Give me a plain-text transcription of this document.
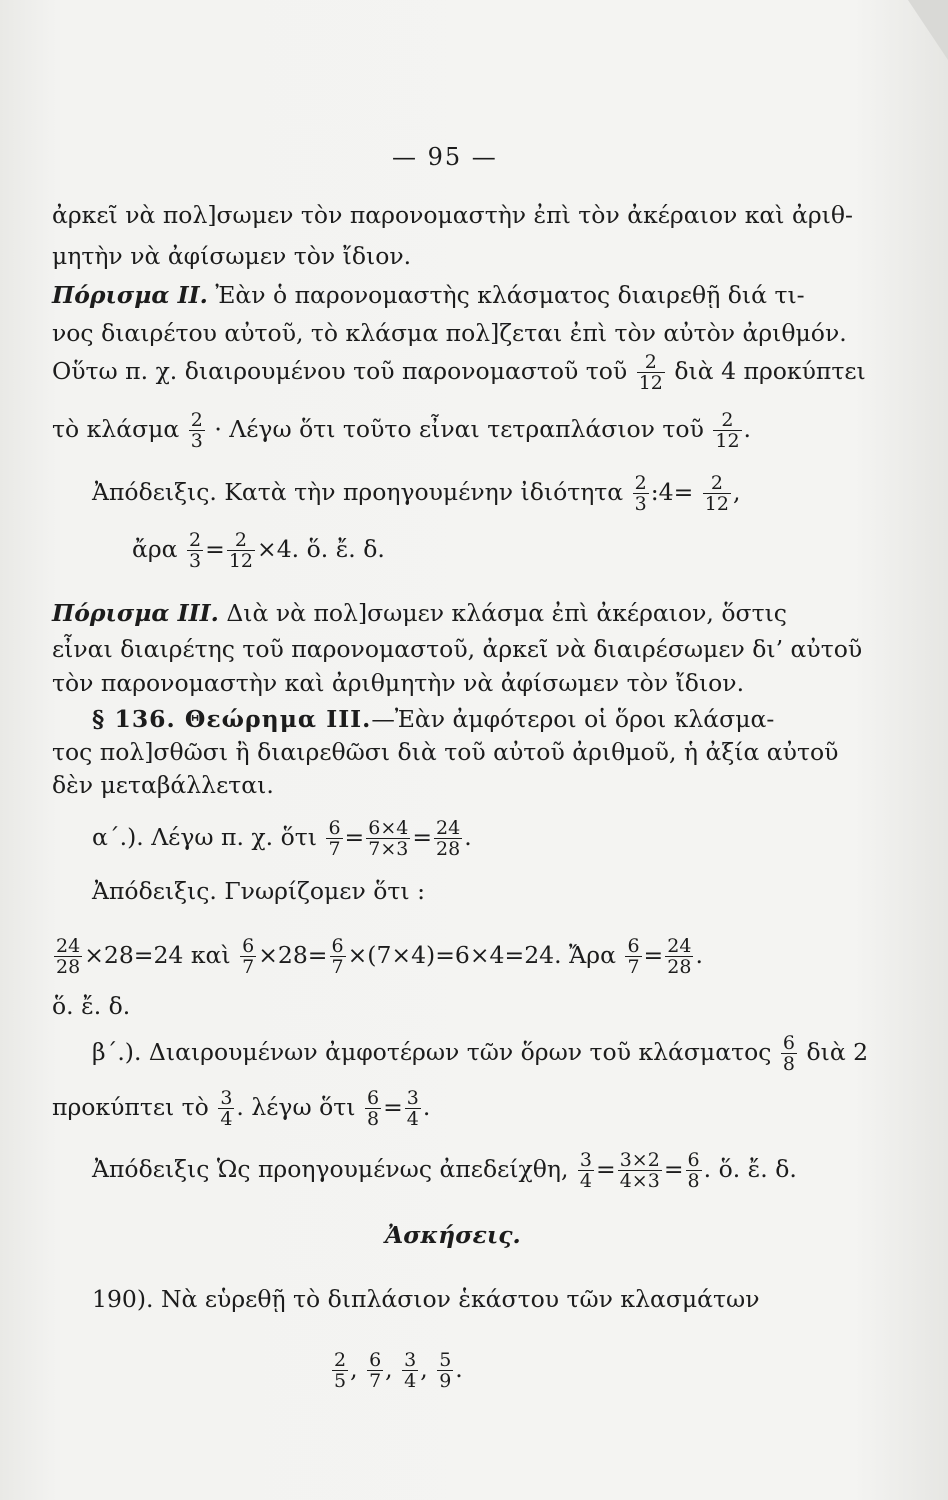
— 95 —
ἀρκεῖ νὰ πολ]σωμεν τὸν παρονομαστὴν ἐπὶ τὸν ἀκέραιον καὶ ἀριθ-
μητὴν νὰ ἀφίσωμεν τὸν ἴδιον.
Πόρισμα ΙΙ. Ἐὰν ὁ παρονομαστὴς κλάσματος διαιρεθῇ διά τι-
νος διαιρέτου αὐτοῦ, τὸ κλάσμα πολ]ζεται ἐπὶ τὸν αὐτὸν ἀριθμόν.
Οὕτω π. χ. διαιρουμένου τοῦ παρονομαστοῦ τοῦ $\frac{2}{12}$ διὰ 4 προκύπτει
τὸ κλάσμα $\frac{2}{3} \cdot \Lambda έ\gamma\omega$ ὅτι τοῦτο εἶναι τετραπλάσιον τοῦ $\frac{2}{12}$ .
Ἀπόδειξις. Κατὰ τὴν προηγουμένην ἰδιότητα $\frac{2}{3}$ :4= $\frac{2}{12}$ ,
ἄρα $\frac{2}{3} = \frac{2}{12} \times 4$. ὅ. ἔ. δ.
Πόρισμα ΙΙΙ. Διὰ νὰ πολ]σωμεν κλάσμα ἐπὶ ἀκέραιον, ὅστις
εἶναι διαιρέτης τοῦ παρονομαστοῦ, ἀρκεῖ νὰ διαιρέσωμεν δι’ αὐτοῦ
τὸν παρονομαστὴν καὶ ἀριθμητὴν νὰ ἀφίσωμεν τὸν ἴδιον.
§ 136. Θεώρημα ΙΙΙ.—Ἐὰν ἀμφότεροι οἱ ὅροι κλάσμα-
τος πολ]σθῶσι ἢ διαιρεθῶσι διὰ τοῦ αὐτοῦ ἀριθμοῦ, ἡ ἀξία αὐτοῦ
δὲν μεταβάλλεται.
α΄.). Λέγω π. χ. ὅτι $\frac{6}{7} = \frac{6\times 4}{7\times 3} = \frac{24}{28}$ .
Ἀπόδειξις. Γνωρίζομεν ὅτι :
$\frac{24}{28} \times 28=24$ καὶ $\frac{6}{7} \times 28= \frac{6}{7} \times(7\times 4)=6\times 4=24$. Ἄρα $\frac{6}{7} = \frac{24}{28}$ .
ὅ. ἔ. δ.
β΄.). Διαιρουμένων ἀμφοτέρων τῶν ὅρων τοῦ κλάσματος $\frac{6}{8}$ διὰ 2
προκύπτει τὸ $\frac{3}{4}$ . λέγω ὅτι $\frac{6}{8} = \frac{3}{4}$ .
Ἀπόδειξις Ὡς προηγουμένως ἀπεδείχθη, $\frac{3}{4} = \frac{3\times 2}{4\times 3} = \frac{6}{8}$ . ὅ. ἔ. δ.
Ἀσκήσεις.
190). Νὰ εὑρεθῇ τὸ διπλάσιον ἑκάστου τῶν κλασμάτων
$\frac{2}{5}$ , $\frac{6}{7}$ , $\frac{3}{4}$ , $\frac{5}{9}$ .
